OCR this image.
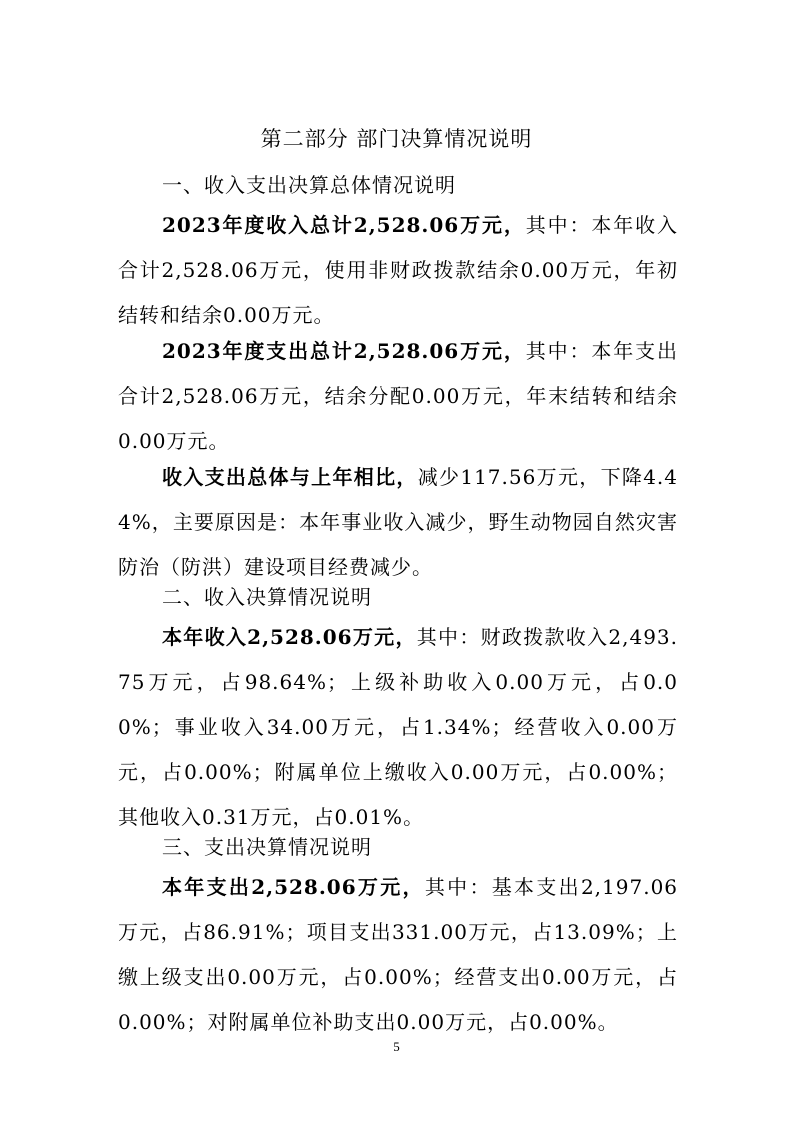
第二部分 部门决算情况说明
一、收入支出决算总体情况说明

2023年度收入总计2,528.06万元，其中：本年收入合计2,528.06万元，使用非财政拨款结余0.00万元，年初结转和结余0.00万元。

2023年度支出总计2,528.06万元，其中：本年支出合计2,528.06万元，结余分配0.00万元，年末结转和结余0.00万元。

收入支出总体与上年相比，减少117.56万元，下降4.44%，主要原因是：本年事业收入减少，野生动物园自然灾害防治（防洪）建设项目经费减少。

二、收入决算情况说明

本年收入2,528.06万元，其中：财政拨款收入2,493.75万元，占98.64%；上级补助收入0.00万元，占0.00%；事业收入34.00万元，占1.34%；经营收入0.00万元，占0.00%；附属单位上缴收入0.00万元，占0.00%；其他收入0.31万元，占0.01%。

三、支出决算情况说明

本年支出2,528.06万元，其中：基本支出2,197.06万元，占86.91%；项目支出331.00万元，占13.09%；上缴上级支出0.00万元，占0.00%；经营支出0.00万元，占0.00%；对附属单位补助支出0.00万元，占0.00%。

5
